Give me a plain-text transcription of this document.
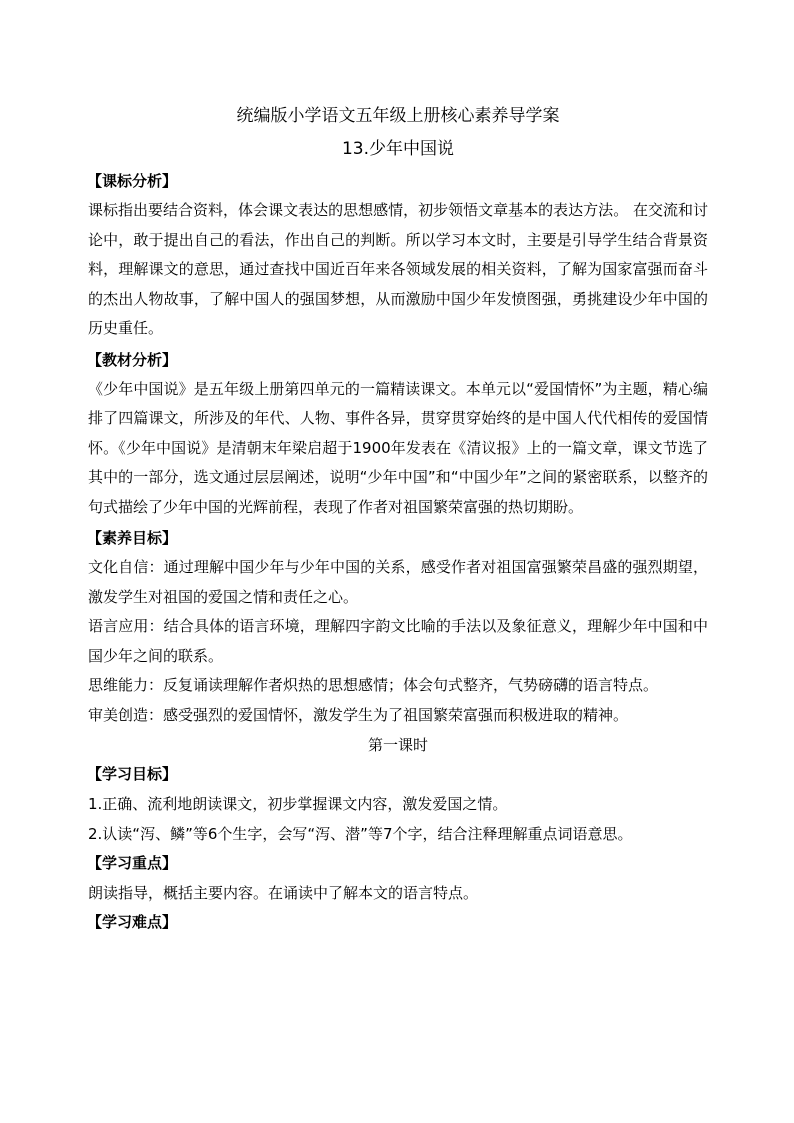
统编版小学语文五年级上册核心素养导学案
13.少年中国说
【课标分析】
课标指出要结合资料，体会课文表达的思想感情，初步领悟文章基本的表达方法。 在交流和讨论中，敢于提出自己的看法，作出自己的判断。所以学习本文时，主要是引导学生结合背景资料，理解课文的意思，通过查找中国近百年来各领域发展的相关资料，了解为国家富强而奋斗的杰出人物故事，了解中国人的强国梦想，从而激励中国少年发愤图强，勇挑建设少年中国的历史重任。
【教材分析】
《少年中国说》是五年级上册第四单元的一篇精读课文。本单元以“爱国情怀”为主题，精心编排了四篇课文，所涉及的年代、人物、事件各异，贯穿贯穿始终的是中国人代代相传的爱国情怀。《少年中国说》是清朝末年梁启超于1900年发表在《清议报》上的一篇文章，课文节选了其中的一部分，选文通过层层阐述，说明“少年中国”和“中国少年”之间的紧密联系，以整齐的句式描绘了少年中国的光辉前程，表现了作者对祖国繁荣富强的热切期盼。
【素养目标】
文化自信：通过理解中国少年与少年中国的关系，感受作者对祖国富强繁荣昌盛的强烈期望，激发学生对祖国的爱国之情和责任之心。
语言应用：结合具体的语言环境，理解四字韵文比喻的手法以及象征意义，理解少年中国和中国少年之间的联系。
思维能力：反复诵读理解作者炽热的思想感情；体会句式整齐，气势磅礴的语言特点。
审美创造：感受强烈的爱国情怀，激发学生为了祖国繁荣富强而积极进取的精神。
第一课时
【学习目标】
1.正确、流利地朗读课文，初步掌握课文内容，激发爱国之情。
2.认读“泻、鳞”等6个生字，会写“泻、潜”等7个字，结合注释理解重点词语意思。
【学习重点】
朗读指导，概括主要内容。在诵读中了解本文的语言特点。
【学习难点】
